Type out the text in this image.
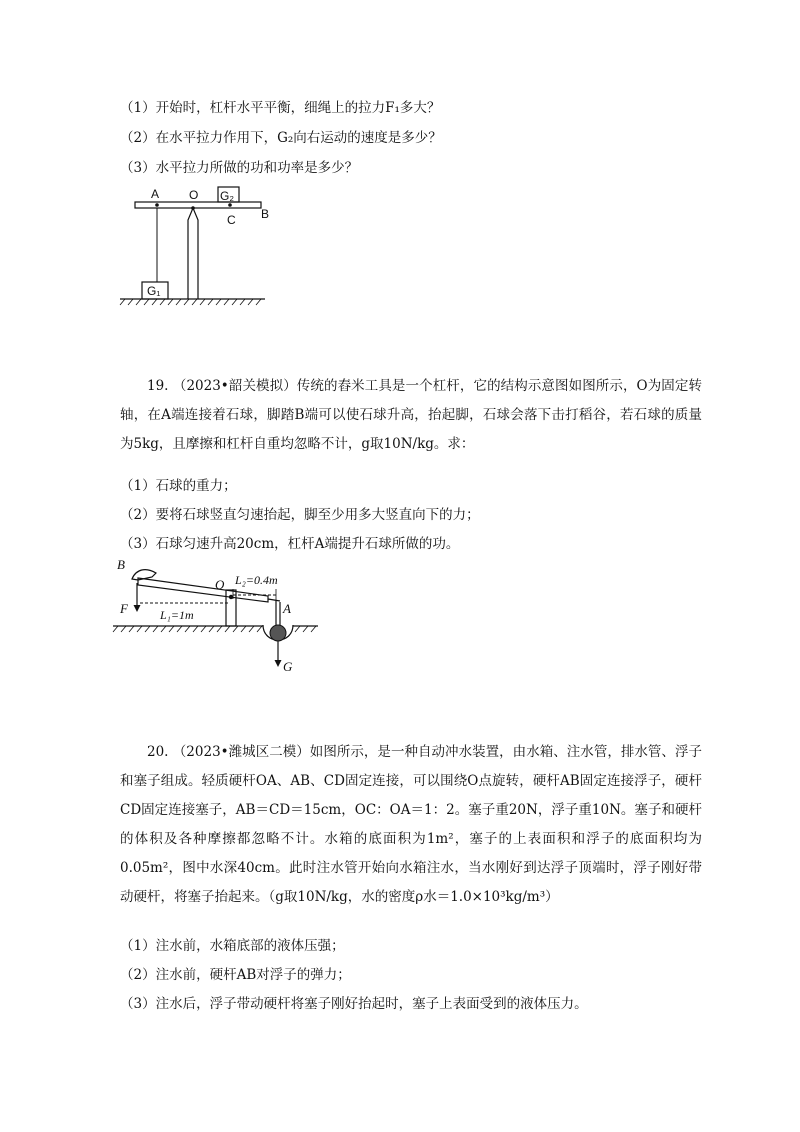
（1）开始时，杠杆水平平衡，细绳上的拉力F₁多大？
（2）在水平拉力作用下，G₂向右运动的速度是多少？
（3）水平拉力所做的功和功率是多少？
G₂
A O
C B
G₁
19. （2023•韶关模拟）传统的舂米工具是一个杠杆，它的结构示意图如图所示，O为固定转轴，在A端连接着石球，脚踏B端可以使石球升高，抬起脚，石球会落下击打稻谷，若石球的质量为5kg，且摩擦和杠杆自重均忽略不计，g取10N/kg。求：
（1）石球的重力；
（2）要将石球竖直匀速抬起，脚至少用多大竖直向下的力；
（3）石球匀速升高20cm，杠杆A端提升石球所做的功。
B
O
F	L₁=1m
L₂=0.4m
A
G
20. （2023•潍城区二模）如图所示，是一种自动冲水装置，由水箱、注水管，排水管、浮子和塞子组成。轻质硬杆OA、AB、CD固定连接，可以围绕O点旋转，硬杆AB固定连接浮子，硬杆CD固定连接塞子，AB＝CD＝15cm，OC：OA＝1：2。塞子重20N，浮子重10N。塞子和硬杆的体积及各种摩擦都忽略不计。水箱的底面积为1m²，塞子的上表面积和浮子的底面积均为0.05m²，图中水深40cm。此时注水管开始向水箱注水，当水刚好到达浮子顶端时，浮子刚好带动硬杆，将塞子抬起来。（g取10N/kg，水的密度ρ水＝1.0×10³kg/m³）
（1）注水前，水箱底部的液体压强；
（2）注水前，硬杆AB对浮子的弹力；
（3）注水后，浮子带动硬杆将塞子刚好抬起时，塞子上表面受到的液体压力。
